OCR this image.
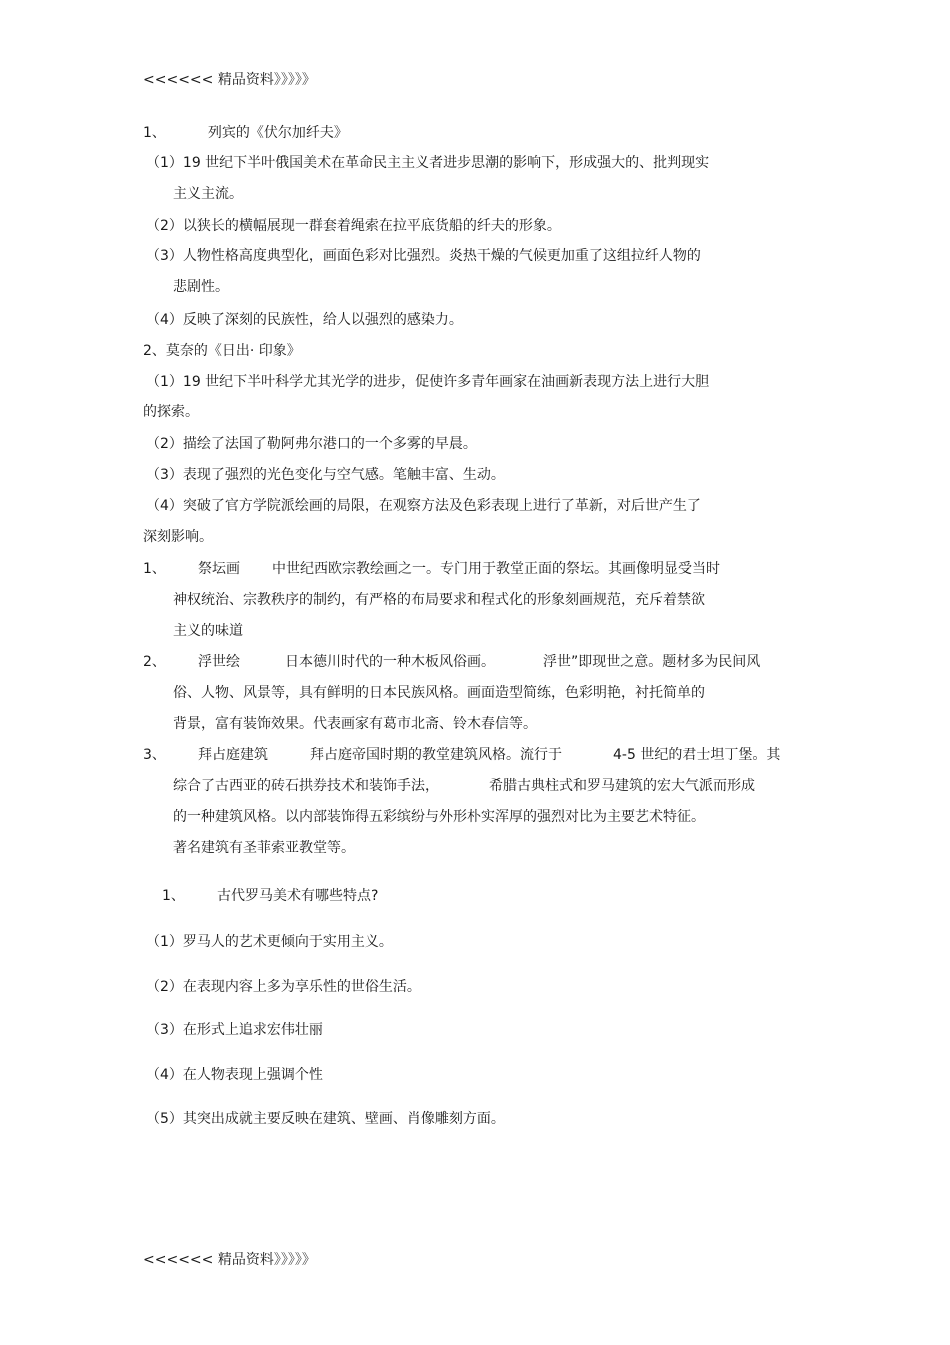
<<<<<< 精品资料》》》》》
1、	列宾的《伏尔加纤夫》
（1）19 世纪下半叶俄国美术在革命民主主义者进步思潮的影响下，形成强大的、批判现实
主义主流。
（2）以狭长的横幅展现一群套着绳索在拉平底货船的纤夫的形象。
（3）人物性格高度典型化，画面色彩对比强烈。炎热干燥的气候更加重了这组拉纤人物的
悲剧性。
（4）反映了深刻的民族性，给人以强烈的感染力。
2、莫奈的《日出· 印象》
（1）19 世纪下半叶科学尤其光学的进步，促使许多青年画家在油画新表现方法上进行大胆
的探索。
（2）描绘了法国了勒阿弗尔港口的一个多雾的早晨。
（3）表现了强烈的光色变化与空气感。笔触丰富、生动。
（4）突破了官方学院派绘画的局限，在观察方法及色彩表现上进行了革新，对后世产生了
深刻影响。
1、 祭坛画 中世纪西欧宗教绘画之一。专门用于教堂正面的祭坛。其画像明显受当时
神权统治、宗教秩序的制约，有严格的布局要求和程式化的形象刻画规范，充斥着禁欲
主义的味道
2、 浮世绘	日本德川时代的一种木板风俗画。	浮世”即现世之意。题材多为民间风
俗、人物、风景等，具有鲜明的日本民族风格。画面造型简练，色彩明艳，衬托简单的
背景，富有装饰效果。代表画家有葛市北斋、铃木春信等。
3、 拜占庭建筑	拜占庭帝国时期的教堂建筑风格。流行于	4-5 世纪的君士坦丁堡。其
综合了古西亚的砖石拱券技术和装饰手法，	希腊古典柱式和罗马建筑的宏大气派而形成
的一种建筑风格。以内部装饰得五彩缤纷与外形朴实浑厚的强烈对比为主要艺术特征。
著名建筑有圣菲索亚教堂等。
1、 古代罗马美术有哪些特点?
（1）罗马人的艺术更倾向于实用主义。
（2）在表现内容上多为享乐性的世俗生活。
（3）在形式上追求宏伟壮丽
（4）在人物表现上强调个性
（5）其突出成就主要反映在建筑、壁画、肖像雕刻方面。
<<<<<< 精品资料》》》》》
